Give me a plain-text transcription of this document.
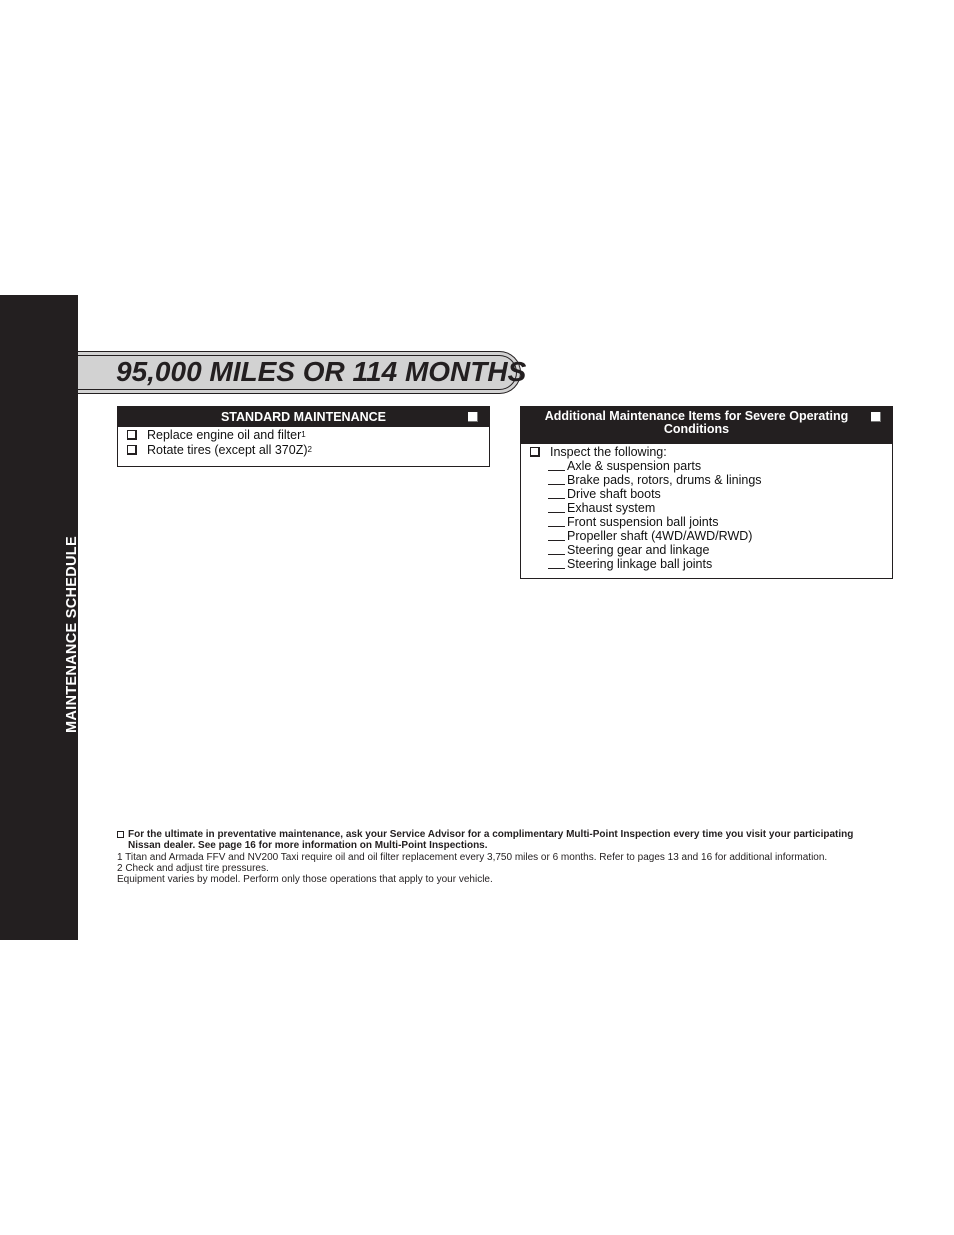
42
MAINTENANCE SCHEDULE
95,000 MILES OR 114 MONTHS
STANDARD MAINTENANCE
Replace engine oil and filter$^1$
Rotate tires (except all 370Z)$^2$
Additional Maintenance Items for Severe Operating Conditions
Inspect the following:
Axle & suspension parts
Brake pads, rotors, drums & linings
Drive shaft boots
Exhaust system
Front suspension ball joints
Propeller shaft (4WD/AWD/RWD)
Steering gear and linkage
Steering linkage ball joints
For the ultimate in preventative maintenance, ask your Service Advisor for a complimentary Multi-Point Inspection every time you visit your participating Nissan dealer. See page 16 for more information on Multi-Point Inspections.
1 Titan and Armada FFV and NV200 Taxi require oil and oil filter replacement every 3,750 miles or 6 months. Refer to pages 13 and 16 for additional information.
2 Check and adjust tire pressures.
Equipment varies by model. Perform only those operations that apply to your vehicle.
